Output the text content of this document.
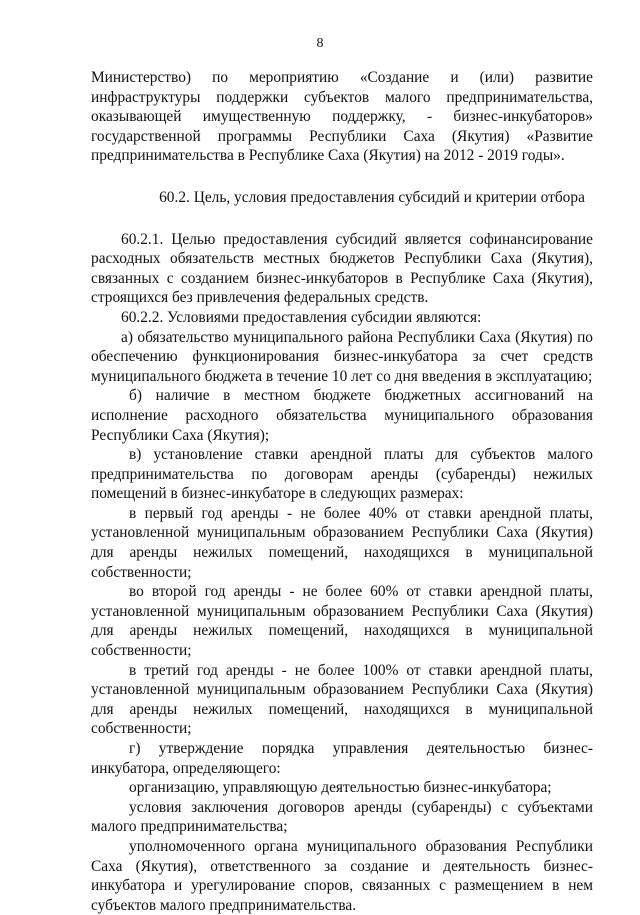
8

Министерство) по мероприятию «Создание и (или) развитие инфраструктуры поддержки субъектов малого предпринимательства, оказывающей имущественную поддержку, - бизнес-инкубаторов» государственной программы Республики Саха (Якутия) «Развитие предпринимательства в Республике Саха (Якутия) на 2012 - 2019 годы».

60.2. Цель, условия предоставления субсидий и критерии отбора

60.2.1. Целью предоставления субсидий является софинансирование расходных обязательств местных бюджетов Республики Саха (Якутия), связанных с созданием бизнес-инкубаторов в Республике Саха (Якутия), строящихся без привлечения федеральных средств.

60.2.2. Условиями предоставления субсидии являются:

а) обязательство муниципального района Республики Саха (Якутия) по обеспечению функционирования бизнес-инкубатора за счет средств муниципального бюджета в течение 10 лет со дня введения в эксплуатацию;

б) наличие в местном бюджете бюджетных ассигнований на исполнение расходного обязательства муниципального образования Республики Саха (Якутия);

в) установление ставки арендной платы для субъектов малого предпринимательства по договорам аренды (субаренды) нежилых помещений в бизнес-инкубаторе в следующих размерах:

в первый год аренды - не более 40% от ставки арендной платы, установленной муниципальным образованием Республики Саха (Якутия) для аренды нежилых помещений, находящихся в муниципальной собственности;

во второй год аренды - не более 60% от ставки арендной платы, установленной муниципальным образованием Республики Саха (Якутия) для аренды нежилых помещений, находящихся в муниципальной собственности;

в третий год аренды - не более 100% от ставки арендной платы, установленной муниципальным образованием Республики Саха (Якутия) для аренды нежилых помещений, находящихся в муниципальной собственности;

г) утверждение порядка управления деятельностью бизнес-инкубатора, определяющего:

организацию, управляющую деятельностью бизнес-инкубатора;

условия заключения договоров аренды (субаренды) с субъектами малого предпринимательства;

уполномоченного органа муниципального образования Республики Саха (Якутия), ответственного за создание и деятельность бизнес-инкубатора и урегулирование споров, связанных с размещением в нем субъектов малого предпринимательства.
